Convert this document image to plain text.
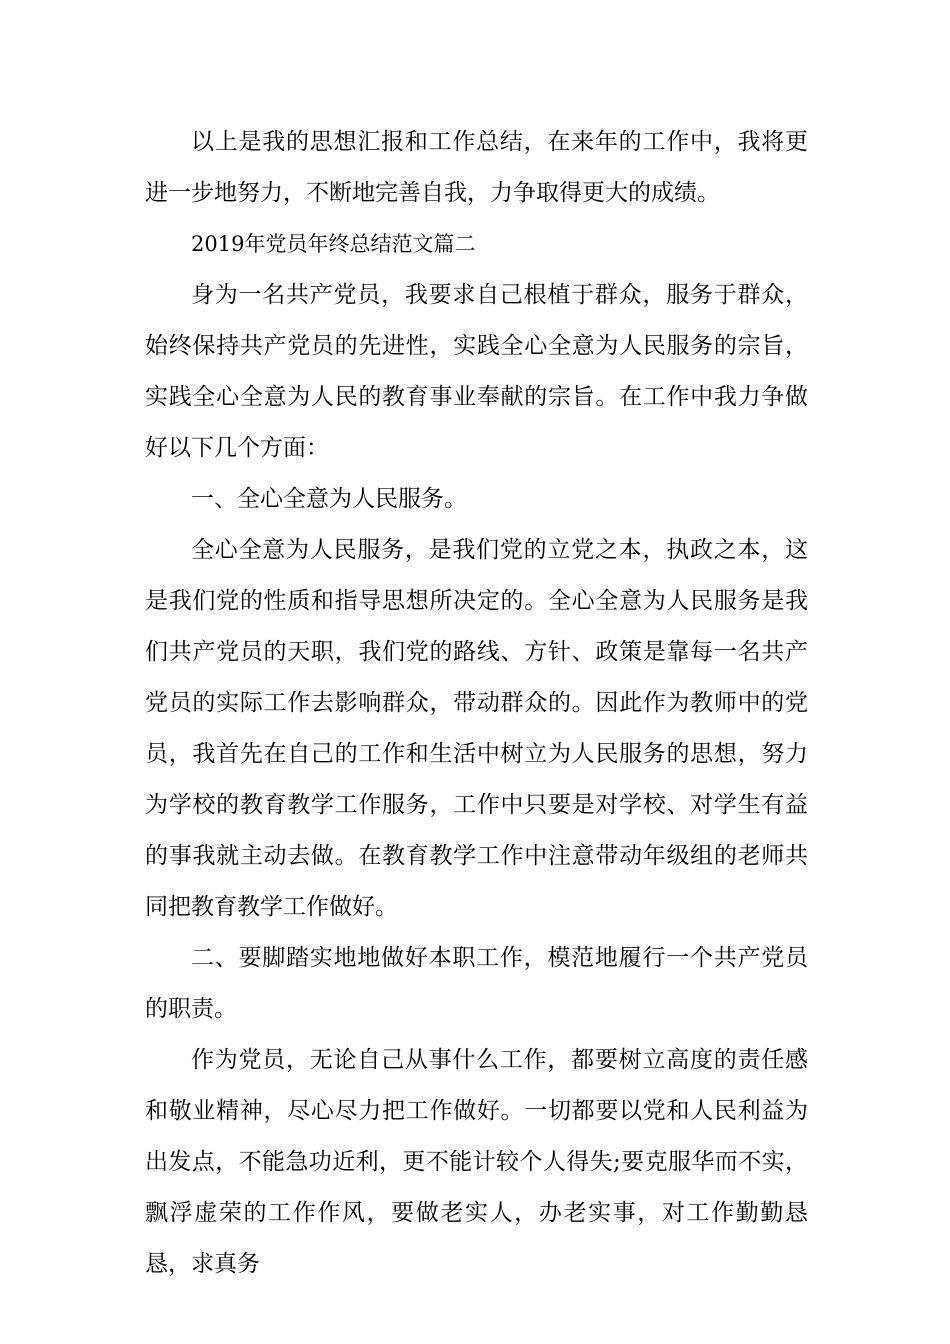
以上是我的思想汇报和工作总结，在来年的工作中，我将更进一步地努力，不断地完善自我，力争取得更大的成绩。

2019年党员年终总结范文篇二

身为一名共产党员，我要求自己根植于群众，服务于群众，始终保持共产党员的先进性，实践全心全意为人民服务的宗旨，实践全心全意为人民的教育事业奉献的宗旨。在工作中我力争做好以下几个方面：

一、全心全意为人民服务。

全心全意为人民服务，是我们党的立党之本，执政之本，这是我们党的性质和指导思想所决定的。全心全意为人民服务是我们共产党员的天职，我们党的路线、方针、政策是靠每一名共产党员的实际工作去影响群众，带动群众的。因此作为教师中的党员，我首先在自己的工作和生活中树立为人民服务的思想，努力为学校的教育教学工作服务，工作中只要是对学校、对学生有益的事我就主动去做。在教育教学工作中注意带动年级组的老师共同把教育教学工作做好。

二、要脚踏实地地做好本职工作，模范地履行一个共产党员的职责。

作为党员，无论自己从事什么工作，都要树立高度的责任感和敬业精神，尽心尽力把工作做好。一切都要以党和人民利益为出发点，不能急功近利，更不能计较个人得失;要克服华而不实，飘浮虚荣的工作作风，要做老实人，办老实事，对工作勤勤恳恳，求真务
